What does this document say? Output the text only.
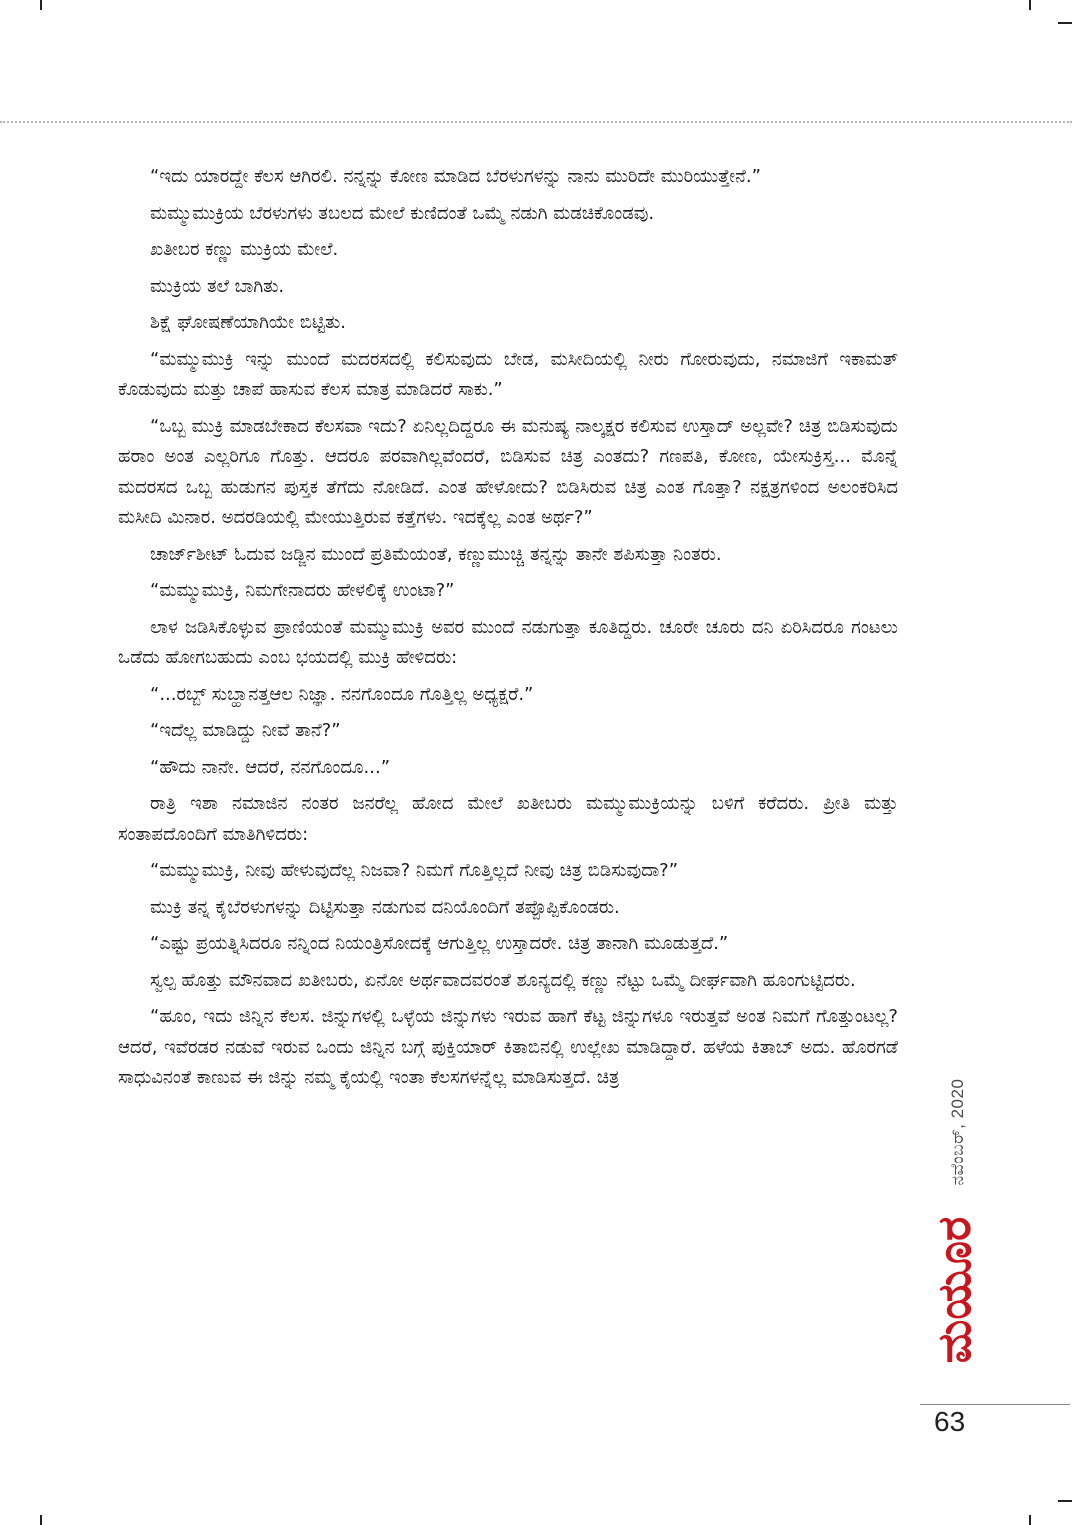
“ಇದು ಯಾರದ್ದೇ ಕೆಲಸ ಆಗಿರಲಿ. ನನ್ನನ್ನು ಕೋಣ ಮಾಡಿದ ಬೆರಳುಗಳನ್ನು ನಾನು ಮುರಿದೇ ಮುರಿಯುತ್ತೇನೆ.”

ಮಮ್ಮುಮುಕ್ರಿಯ ಬೆರಳುಗಳು ತಬಲದ ಮೇಲೆ ಕುಣಿದಂತೆ ಒಮ್ಮೆ ನಡುಗಿ ಮಡಚಿಕೊಂಡವು.

ಖತೀಬರ ಕಣ್ಣು ಮುಕ್ರಿಯ ಮೇಲೆ.

ಮುಕ್ರಿಯ ತಲೆ ಬಾಗಿತು.

ಶಿಕ್ಷೆ ಘೋಷಣೆಯಾಗಿಯೇ ಬಿಟ್ಟಿತು.

“ಮಮ್ಮುಮುಕ್ರಿ ಇನ್ನು ಮುಂದೆ ಮದರಸದಲ್ಲಿ ಕಲಿಸುವುದು ಬೇಡ, ಮಸೀದಿಯಲ್ಲಿ ನೀರು ಗೋರುವುದು, ನಮಾಜಿಗೆ ಇಕಾಮತ್ ಕೊಡುವುದು ಮತ್ತು ಚಾಪೆ ಹಾಸುವ ಕೆಲಸ ಮಾತ್ರ ಮಾಡಿದರೆ ಸಾಕು.”

“ಒಬ್ಬ ಮುಕ್ರಿ ಮಾಡಬೇಕಾದ ಕೆಲಸವಾ ಇದು? ಏನಿಲ್ಲದಿದ್ದರೂ ಈ ಮನುಷ್ಯ ನಾಲ್ಕಕ್ಷರ ಕಲಿಸುವ ಉಸ್ತಾದ್ ಅಲ್ಲವೇ? ಚಿತ್ರ ಬಿಡಿಸುವುದು ಹರಾಂ ಅಂತ ಎಲ್ಲರಿಗೂ ಗೊತ್ತು. ಆದರೂ ಪರವಾಗಿಲ್ಲವೆಂದರೆ, ಬಿಡಿಸುವ ಚಿತ್ರ ಎಂತದು? ಗಣಪತಿ, ಕೋಣ, ಯೇಸುಕ್ರಿಸ್ತ... ಮೊನ್ನೆ ಮದರಸದ ಒಬ್ಬ ಹುಡುಗನ ಪುಸ್ತಕ ತೆಗೆದು ನೋಡಿದೆ. ಎಂತ ಹೇಳೋದು? ಬಿಡಿಸಿರುವ ಚಿತ್ರ ಎಂತ ಗೊತ್ತಾ? ನಕ್ಷತ್ರಗಳಿಂದ ಅಲಂಕರಿಸಿದ ಮಸೀದಿ ಮಿನಾರ. ಅದರಡಿಯಲ್ಲಿ ಮೇಯುತ್ತಿರುವ ಕತ್ತೆಗಳು. ಇದಕ್ಕೆಲ್ಲ ಎಂತ ಅರ್ಥ?”

ಚಾರ್ಜ್‌ಶೀಟ್ ಓದುವ ಜಡ್ಜಿನ ಮುಂದೆ ಪ್ರತಿಮೆಯಂತೆ, ಕಣ್ಣುಮುಚ್ಚಿ ತನ್ನನ್ನು ತಾನೇ ಶಪಿಸುತ್ತಾ ನಿಂತರು.

“ಮಮ್ಮುಮುಕ್ರಿ, ನಿಮಗೇನಾದರು ಹೇಳಲಿಕ್ಕೆ ಉಂಟಾ?”

ಲಾಳ ಜಡಿಸಿಕೊಳ್ಳುವ ಪ್ರಾಣಿಯಂತೆ ಮಮ್ಮುಮುಕ್ರಿ ಅವರ ಮುಂದೆ ನಡುಗುತ್ತಾ ಕೂತಿದ್ದರು. ಚೂರೇ ಚೂರು ದನಿ ಏರಿಸಿದರೂ ಗಂಟಲು ಒಡೆದು ಹೋಗಬಹುದು ಎಂಬ ಭಯದಲ್ಲಿ ಮುಕ್ರಿ ಹೇಳಿದರು:

“...ರಬ್ಬ್ ಸುಬ್ಹಾನತ್ತಆಲ ನಿಜ್ಞಾ. ನನಗೊಂದೂ ಗೊತ್ತಿಲ್ಲ ಅಧ್ಯಕ್ಷರೆ.”

“ಇದೆಲ್ಲ ಮಾಡಿದ್ದು ನೀವೆ ತಾನೆ?”

“ಹೌದು ನಾನೇ. ಆದರೆ, ನನಗೊಂದೂ...”

ರಾತ್ರಿ ಇಶಾ ನಮಾಜಿನ ನಂತರ ಜನರೆಲ್ಲ ಹೋದ ಮೇಲೆ ಖತೀಬರು ಮಮ್ಮುಮುಕ್ರಿಯನ್ನು ಬಳಿಗೆ ಕರೆದರು. ಪ್ರೀತಿ ಮತ್ತು ಸಂತಾಪದೊಂದಿಗೆ ಮಾತಿಗಿಳಿದರು:

“ಮಮ್ಮುಮುಕ್ರಿ, ನೀವು ಹೇಳುವುದೆಲ್ಲ ನಿಜವಾ? ನಿಮಗೆ ಗೊತ್ತಿಲ್ಲದೆ ನೀವು ಚಿತ್ರ ಬಿಡಿಸುವುದಾ?”

ಮುಕ್ರಿ ತನ್ನ ಕೈಬೆರಳುಗಳನ್ನು ದಿಟ್ಟಿಸುತ್ತಾ ನಡುಗುವ ದನಿಯೊಂದಿಗೆ ತಪ್ಪೊಪ್ಪಿಕೊಂಡರು.

“ಎಷ್ಟು ಪ್ರಯತ್ನಿಸಿದರೂ ನನ್ನಿಂದ ನಿಯಂತ್ರಿಸೋದಕ್ಕೆ ಆಗುತ್ತಿಲ್ಲ ಉಸ್ತಾದರೇ. ಚಿತ್ರ ತಾನಾಗಿ ಮೂಡುತ್ತದೆ.”

ಸ್ವಲ್ಪ ಹೊತ್ತು ಮೌನವಾದ ಖತೀಬರು, ಏನೋ ಅರ್ಥವಾದವರಂತೆ ಶೂನ್ಯದಲ್ಲಿ ಕಣ್ಣು ನೆಟ್ಟು ಒಮ್ಮೆ ದೀರ್ಘವಾಗಿ ಹೂಂಗುಟ್ಟಿದರು.

“ಹೂಂ, ಇದು ಜಿನ್ನಿನ ಕೆಲಸ. ಜಿನ್ನುಗಳಲ್ಲಿ ಒಳ್ಳೆಯ ಜಿನ್ನುಗಳು ಇರುವ ಹಾಗೆ ಕೆಟ್ಟ ಜಿನ್ನುಗಳೂ ಇರುತ್ತವೆ ಅಂತ ನಿಮಗೆ ಗೊತ್ತುಂಟಲ್ಲ? ಆದರೆ, ಇವೆರಡರ ನಡುವೆ ಇರುವ ಒಂದು ಜಿನ್ನಿನ ಬಗ್ಗೆ ಪುಕ್ತಿಯಾರ್ ಕಿತಾಬಿನಲ್ಲಿ ಉಲ್ಲೇಖ ಮಾಡಿದ್ದಾರೆ. ಹಳೆಯ ಕಿತಾಬ್ ಅದು. ಹೊರಗಡೆ ಸಾಧುವಿನಂತೆ ಕಾಣುವ ಈ ಜಿನ್ನು ನಮ್ಮ ಕೈಯಲ್ಲಿ ಇಂತಾ ಕೆಲಸಗಳನ್ನೆಲ್ಲ ಮಾಡಿಸುತ್ತದೆ. ಚಿತ್ರ

ನವೆಂಬರ್, 2020
ಮಯೂರ
63
